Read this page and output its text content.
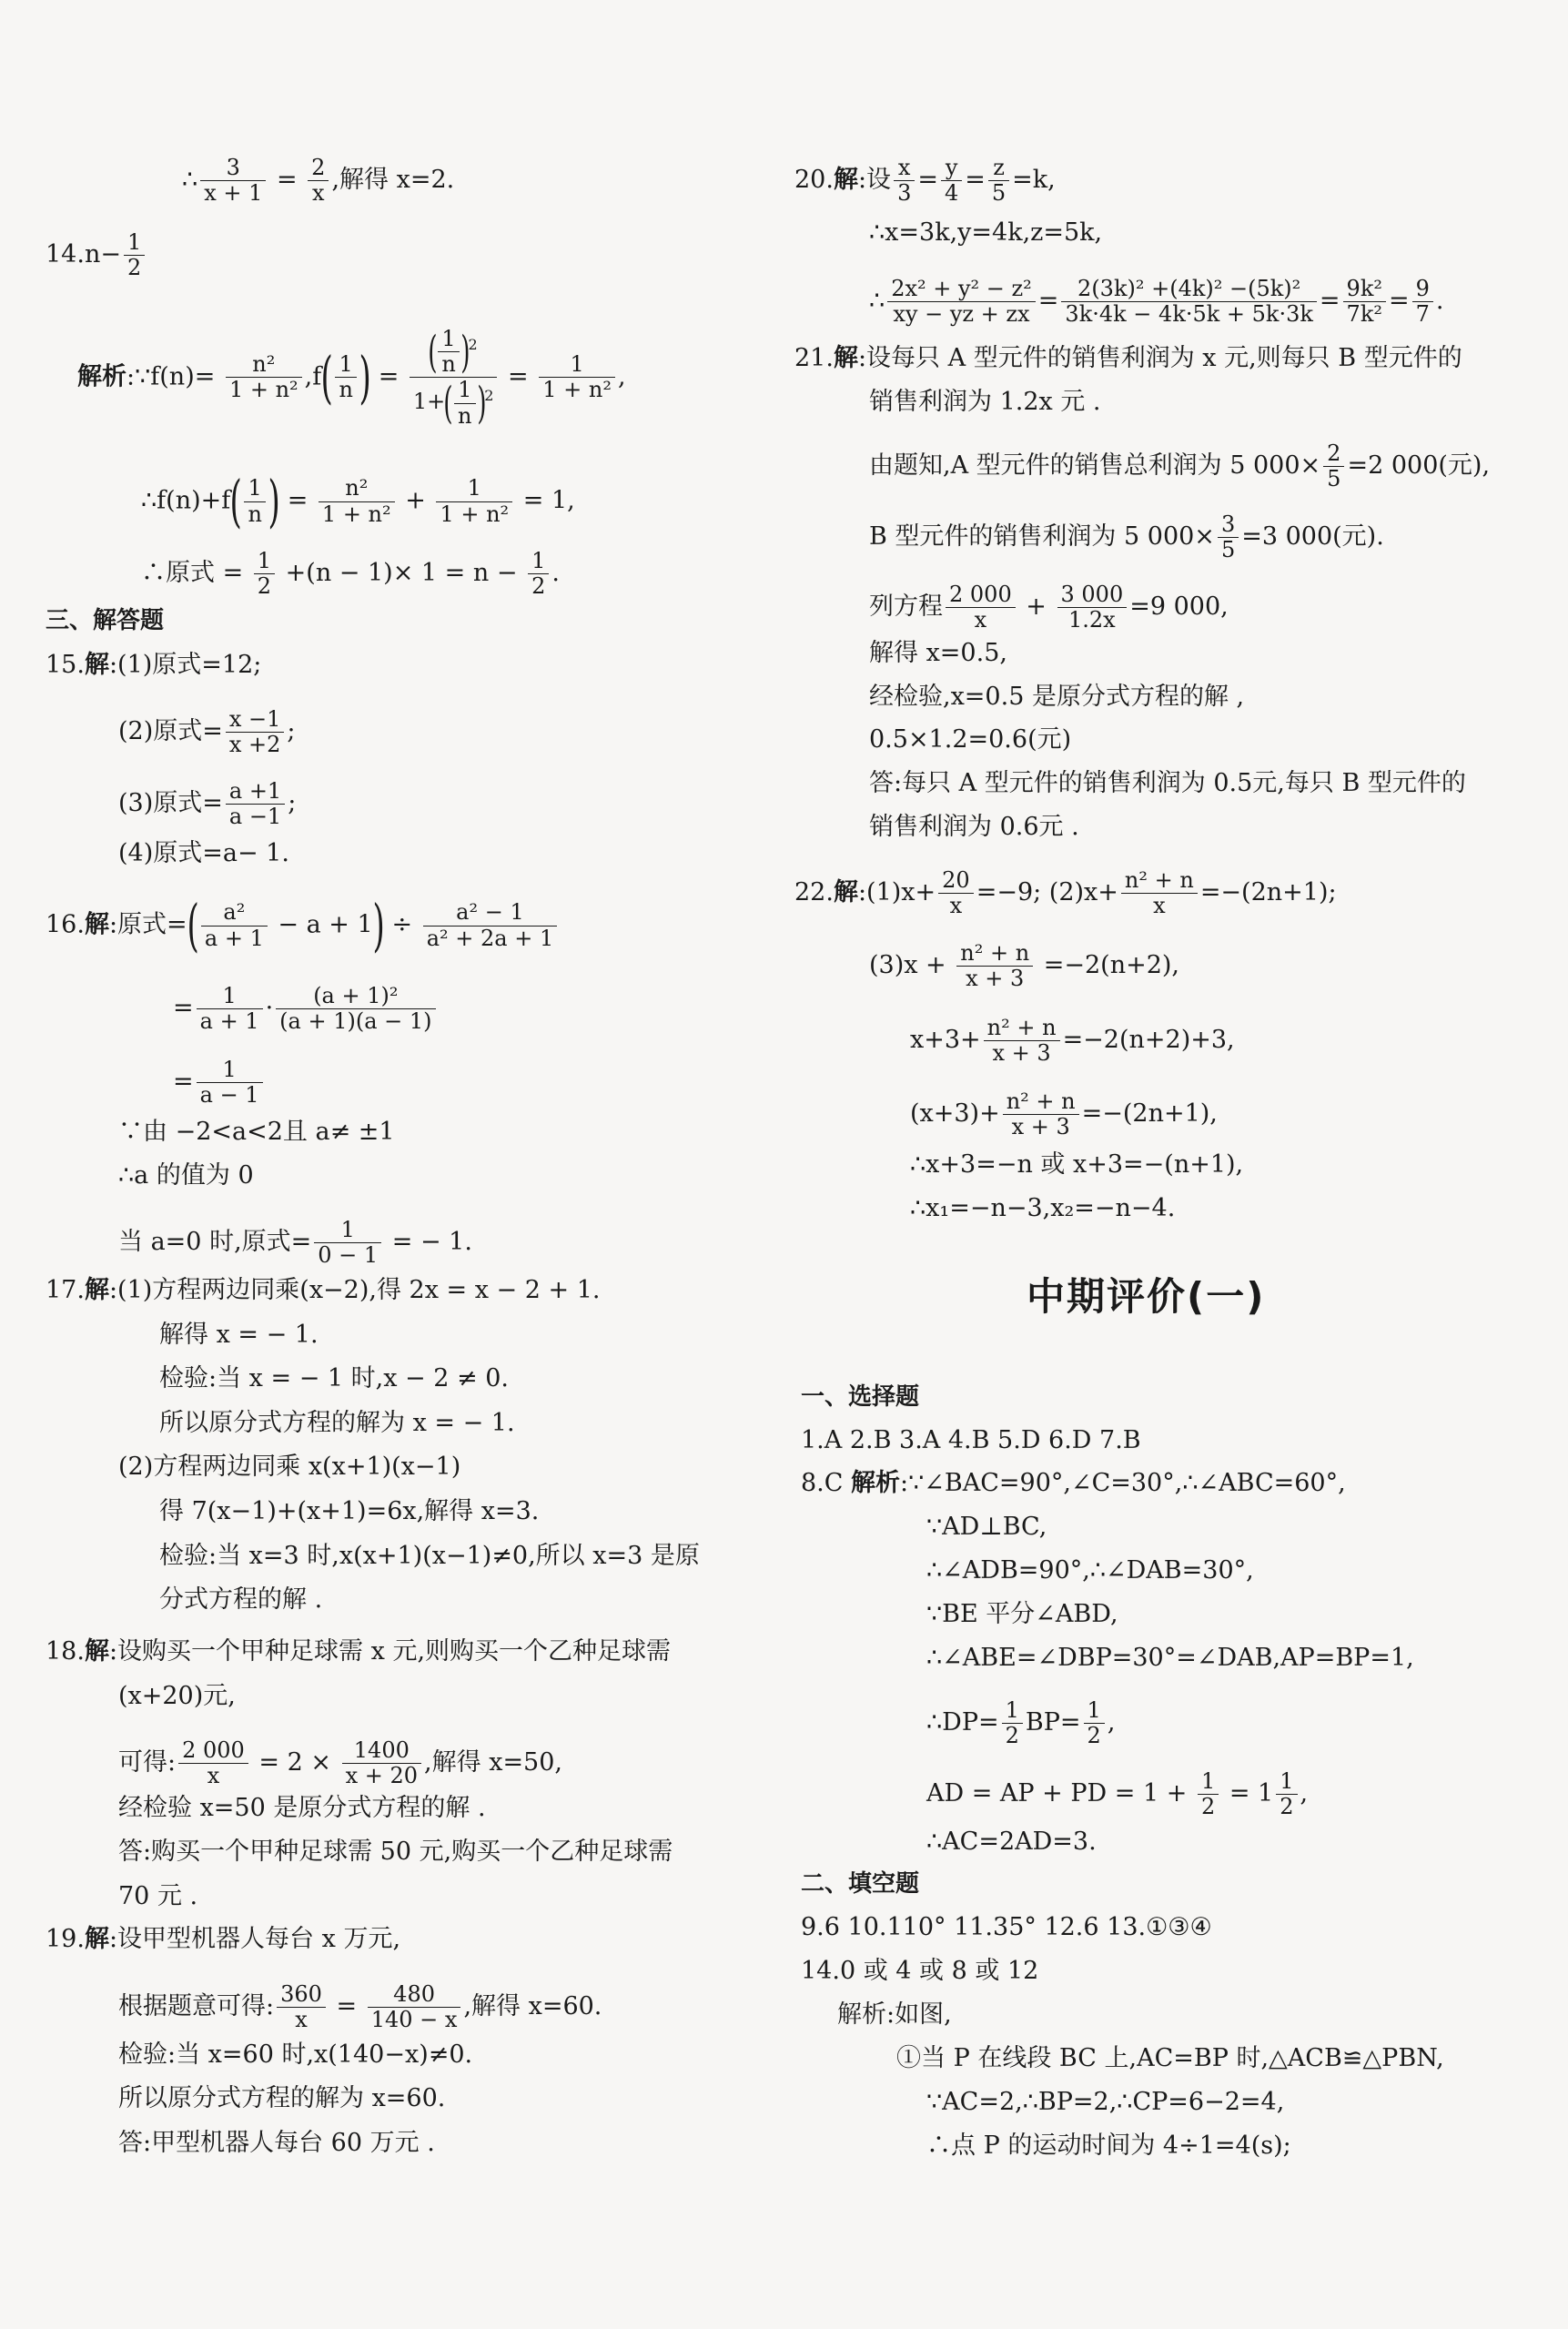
∴ $\frac{3}{x + 1} = \frac{2}{x}$ ,解得 x=2.
$14.n- \frac{1}{2}$
解析:∵f(n)= $\frac{\text{n²}}{\text{1 + n²}} ,f( \frac{1}{n}$ ) = $\frac{( \frac{1}{n} )^2}{1+( \frac{1}{n} )^2} = \frac{1}{\text{1 + n²}}$ ,
∴f(n)+f( $\frac{1}{n}$ ) = $\frac{\text{n²}}{\text{1 + n²}} + \frac{1}{\text{1 + n²}} = 1$,
∴原式 = $\frac{1}{2} +(n - 1)\times 1 = n - \frac{1}{2}$ .
三、解答题
15.解:(1)原式=12;
(2)原式= $\frac{x -1}{x +2}$ ;
(3)原式= $\frac{a +1}{a -1}$ ;
(4)原式=a− 1.
16.解:原式=( $\frac{\text{a²}}{a + 1} - a + 1) \div \frac{\text{a² − 1}}{\text{a² + 2a + 1}}$
= $\frac{1}{a + 1} \cdot \frac{\text{(a + 1)²}}{(a + 1)(a - 1)}$
= $\frac{1}{a - 1}$
∵由 −2<a<2且 a≠ ±1
∴a 的值为 0
当 a=0 时,原式= $\frac{1}{0 - 1}$ = − 1.
17.解:(1)方程两边同乘(x−2),得 2x = x − 2 + 1.
解得 x = − 1.
检验:当 x = − 1 时,x − 2 ≠ 0.
所以原分式方程的解为 x = − 1.
(2)方程两边同乘 x(x+1)(x−1)
得 7(x−1)+(x+1)=6x,解得 x=3.
检验:当 x=3 时,x(x+1)(x−1)≠0,所以 x=3 是原
分式方程的解 .
18.解:设购买一个甲种足球需 x 元,则购买一个乙种足球需
(x+20)元,
可得: $\frac{2 000}{x} = 2 \times \frac{1400}{x + 20}$ ,解得 x=50,
经检验 x=50 是原分式方程的解 .
答:购买一个甲种足球需 50 元,购买一个乙种足球需
70 元 .
19.解:设甲型机器人每台 x 万元,
根据题意可得: $\frac{360}{x} = \frac{480}{140 - x}$ ,解得 x=60.
检验:当 x=60 时,x(140−x)≠0.
所以原分式方程的解为 x=60.
答:甲型机器人每台 60 万元 .
20.解:设 $\frac{x}{3} = \frac{y}{4} = \frac{z}{5} =k$,
∴x=3k,y=4k,z=5k,
∴ $\frac{\text{2x² + y² − z²}}{xy - yz + zx} = \frac{\text{2(3k)² +(4k)² −(5k)²}}{3k\cdot 4k - 4k\cdot 5k + 5k\cdot 3k} = \frac{\text{9k²}}{\text{7k²}} = \frac{9}{7}$ .
21.解:设每只 A 型元件的销售利润为 x 元,则每只 B 型元件的
销售利润为 1.2x 元 .
由题知,A 型元件的销售总利润为 5 $000\times \frac{2}{5} =2$ 000(元),
B 型元件的销售利润为 5 $000\times \frac{3}{5} =3$ 000(元).
列方程 $\frac{2 000}{x} + \frac{3 000}{1.2x} =9$ 000,
解得 x=0.5,
经检验,x=0.5 是原分式方程的解 ,
0.5×1.2=0.6(元)
答:每只 A 型元件的销售利润为 0.5元,每只 B 型元件的
销售利润为 0.6元 .
22.解:(1)x+ $\frac{20}{x} =-9$; $(2)x+ \frac{\text{n² + n}}{x} =-(2n+1)$;
$(3)x + \frac{\text{n² + n}}{x + 3} =-2(n+2)$,
$x+3+ \frac{\text{n² + n}}{x + 3} =-2(n+2)+3$,
$(x+3)+ \frac{\text{n² + n}}{x + 3} =-(2n+1)$,
∴x+3=−n 或 x+3=−(n+1),
∴x₁=−n−3,x₂=−n−4.
中期评价(一)
一、选择题
1.A 2.B 3.A 4.B 5.D 6.D 7.B
8.C 解析:∵∠BAC=90°,∠C=30°,∴∠ABC=60°,
∵AD⊥BC,
∴∠ADB=90°,∴∠DAB=30°,
∵BE 平分∠ABD,
∴∠ABE=∠DBP=30°=∠DAB,AP=BP=1,
∴DP= $\frac{1}{2} BP= \frac{1}{2}$ ,
AD = AP + PD = $1 + \frac{1}{2} = 1 \frac{1}{2}$ ,
∴AC=2AD=3.
二、填空题
9.6 10.110° 11.35° 12.6 13.①③④
14.0 或 4 或 8 或 12
解析:如图,
①当 P 在线段 BC 上,AC=BP 时,△ACB≌△PBN,
∵AC=2,∴BP=2,∴CP=6−2=4,
∴点 P 的运动时间为 4÷1=4(s);
